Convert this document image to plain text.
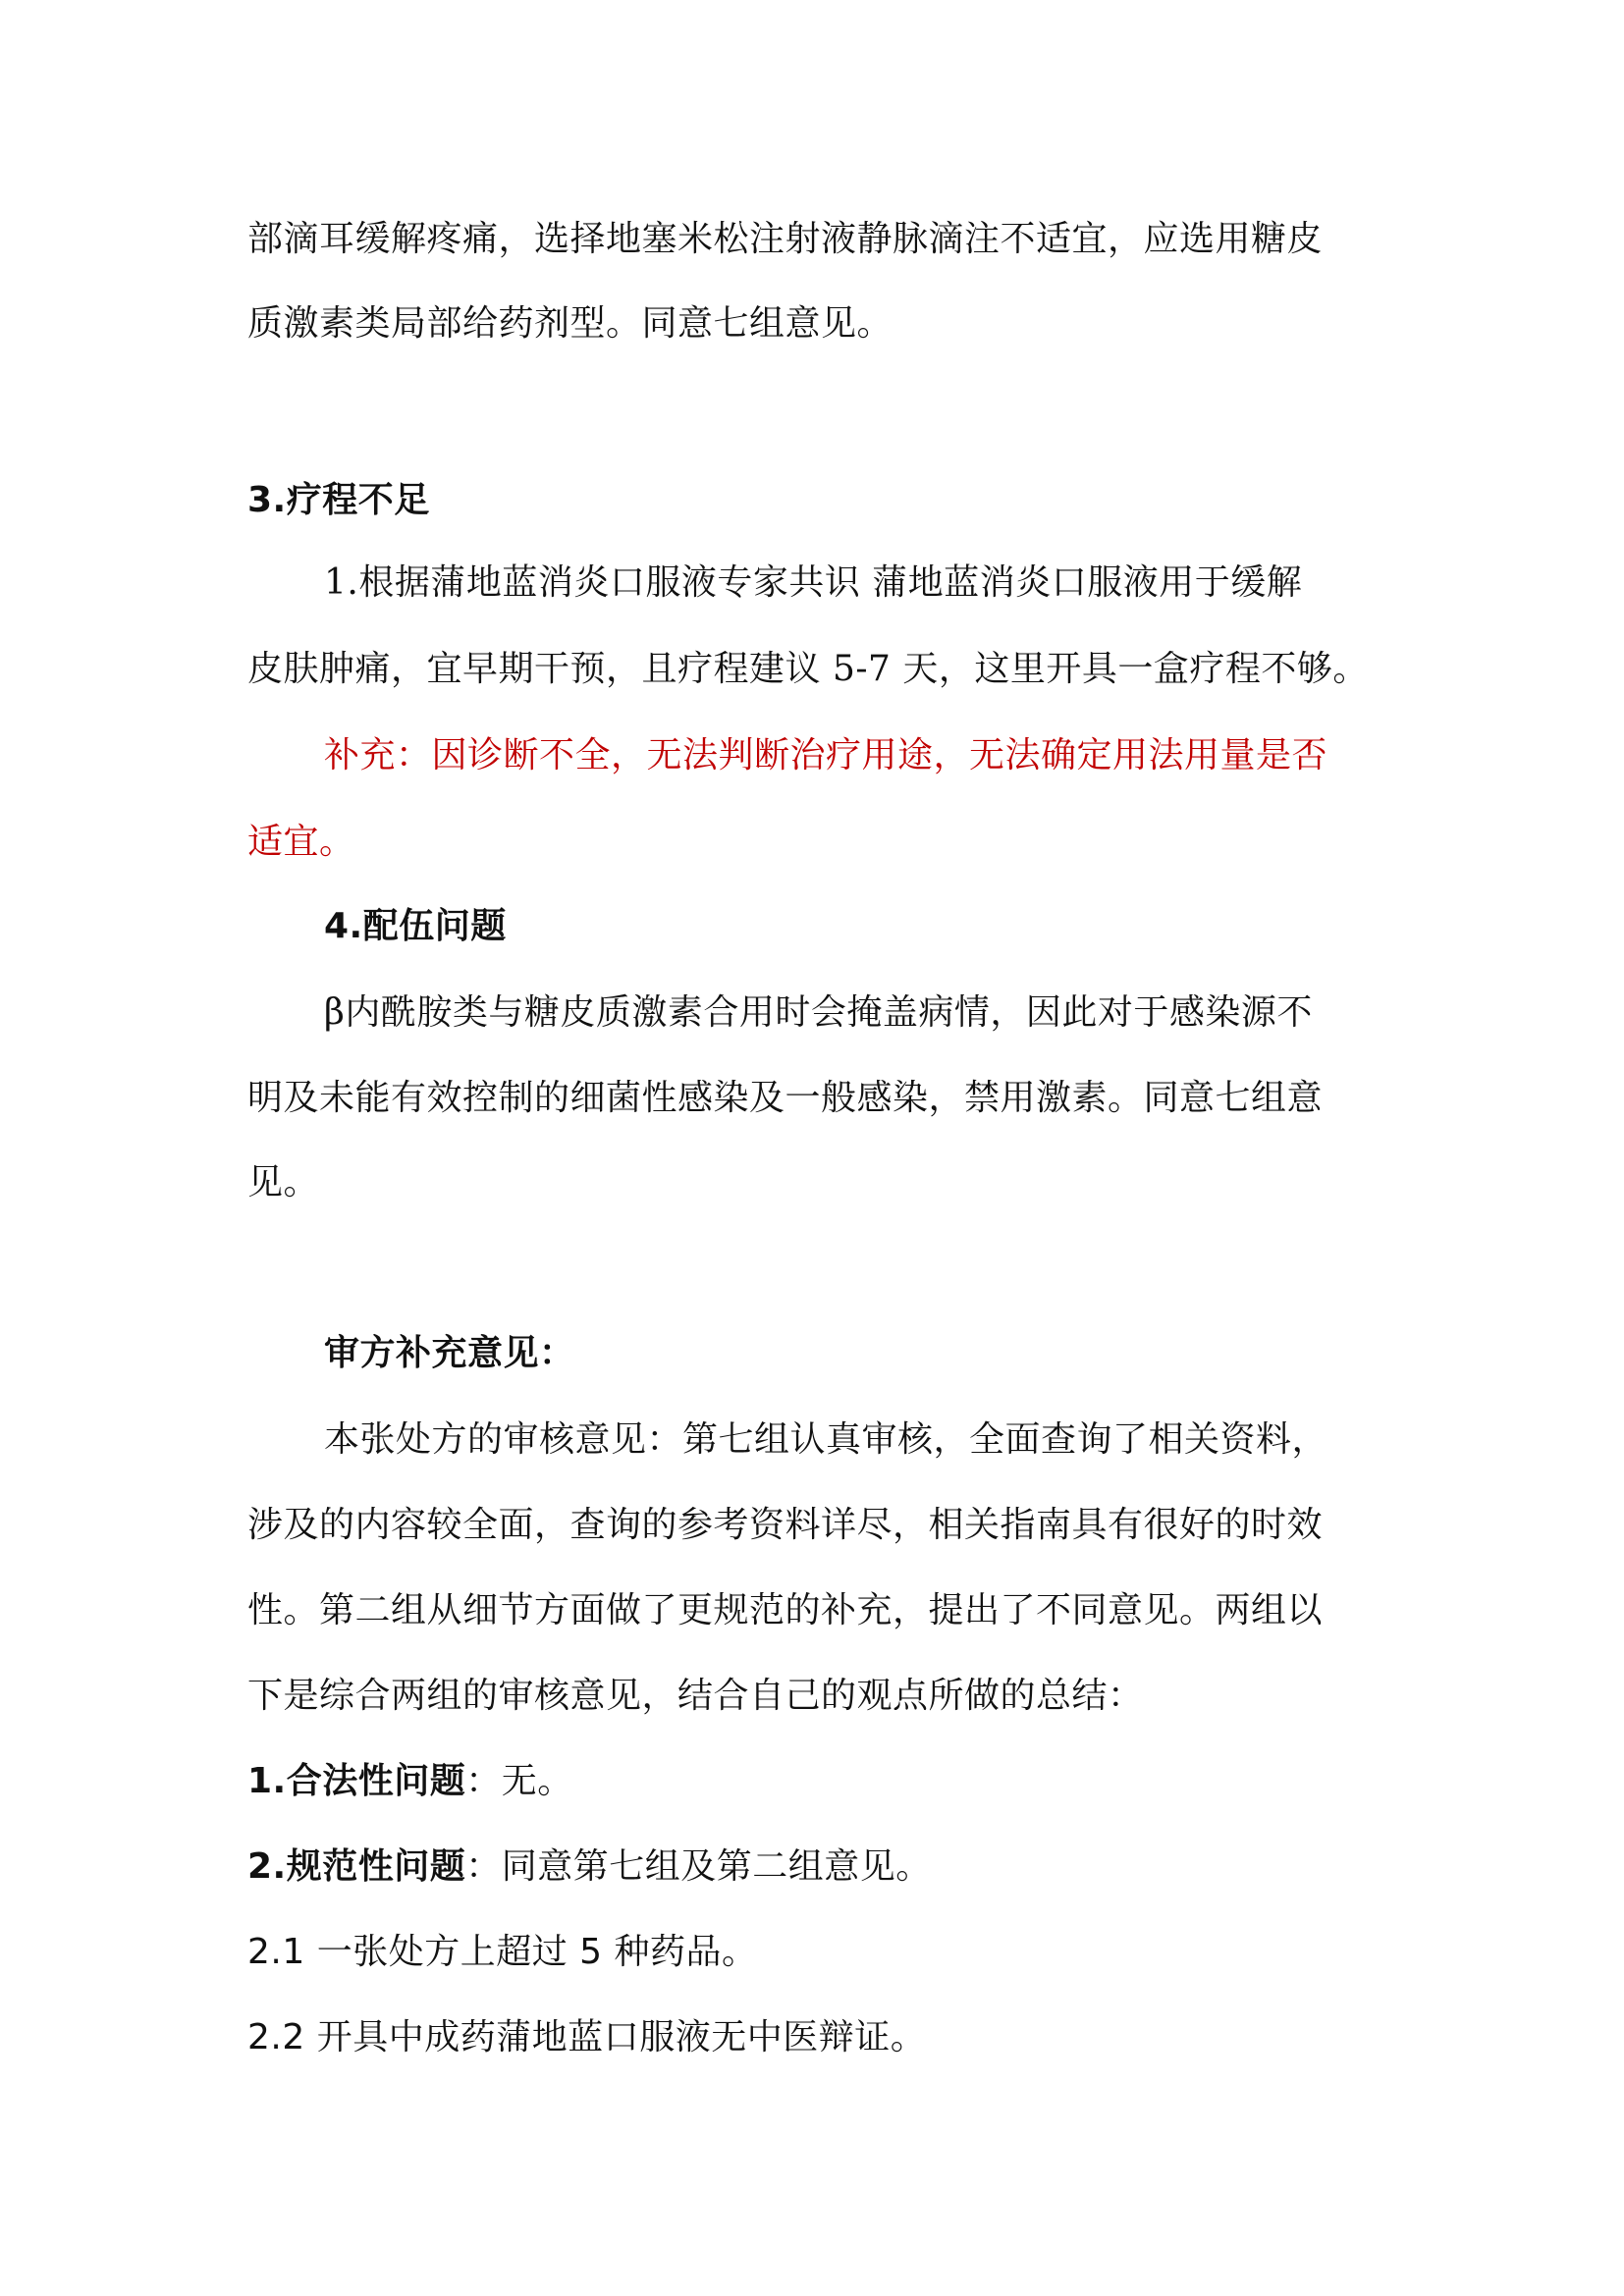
部滴耳缓解疼痛，选择地塞米松注射液静脉滴注不适宜，应选用糖皮
质激素类局部给药剂型。同意七组意见。
3.疗程不足
1.根据蒲地蓝消炎口服液专家共识 蒲地蓝消炎口服液用于缓解
皮肤肿痛，宜早期干预，且疗程建议 5-7 天，这里开具一盒疗程不够。
补充：因诊断不全，无法判断治疗用途，无法确定用法用量是否
适宜。
4.配伍问题
β内酰胺类与糖皮质激素合用时会掩盖病情，因此对于感染源不
明及未能有效控制的细菌性感染及一般感染，禁用激素。同意七组意
见。
审方补充意见：
本张处方的审核意见：第七组认真审核，全面查询了相关资料，
涉及的内容较全面，查询的参考资料详尽，相关指南具有很好的时效
性。第二组从细节方面做了更规范的补充，提出了不同意见。两组以
下是综合两组的审核意见，结合自己的观点所做的总结：
1.合法性问题：无。
2.规范性问题：同意第七组及第二组意见。
2.1 一张处方上超过 5 种药品。
2.2 开具中成药蒲地蓝口服液无中医辩证。
